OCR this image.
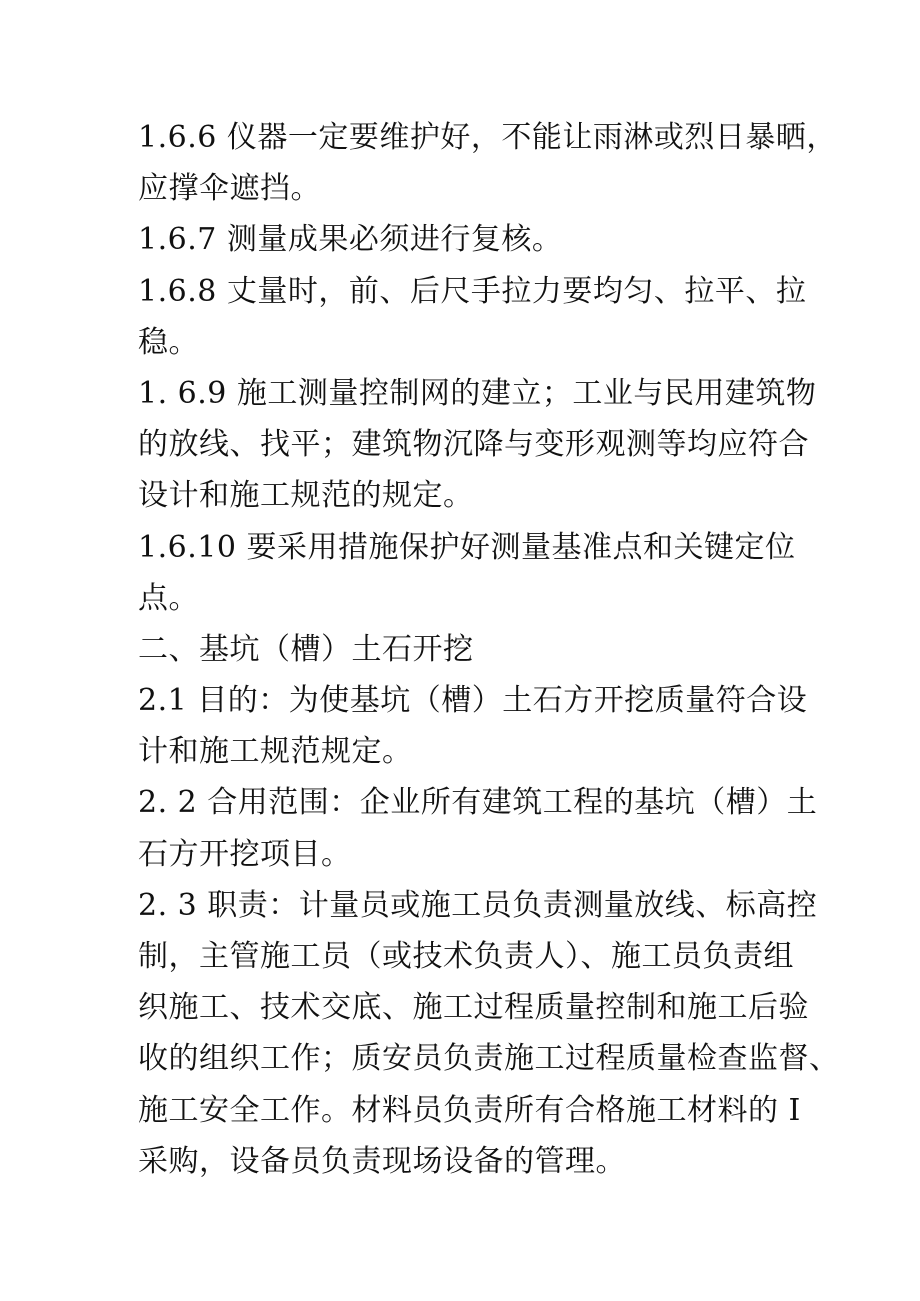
1.6.6 仪器一定要维护好，不能让雨淋或烈日暴晒，
应撑伞遮挡。
1.6.7 测量成果必须进行复核。
1.6.8 丈量时，前、后尺手拉力要均匀、拉平、拉
稳。
1. 6.9 施工测量控制网的建立；工业与民用建筑物
的放线、找平；建筑物沉降与变形观测等均应符合
设计和施工规范的规定。
1.6.10 要采用措施保护好测量基准点和关键定位
点。
二、基坑（槽）土石开挖
2.1 目的：为使基坑（槽）土石方开挖质量符合设
计和施工规范规定。
2. 2 合用范围：企业所有建筑工程的基坑（槽）土
石方开挖项目。
2. 3 职责：计量员或施工员负责测量放线、标高控
制，主管施工员（或技术负责人）、施工员负责组
织施工、技术交底、施工过程质量控制和施工后验
收的组织工作；质安员负责施工过程质量检查监督、
施工安全工作。材料员负责所有合格施工材料的 I
采购，设备员负责现场设备的管理。
